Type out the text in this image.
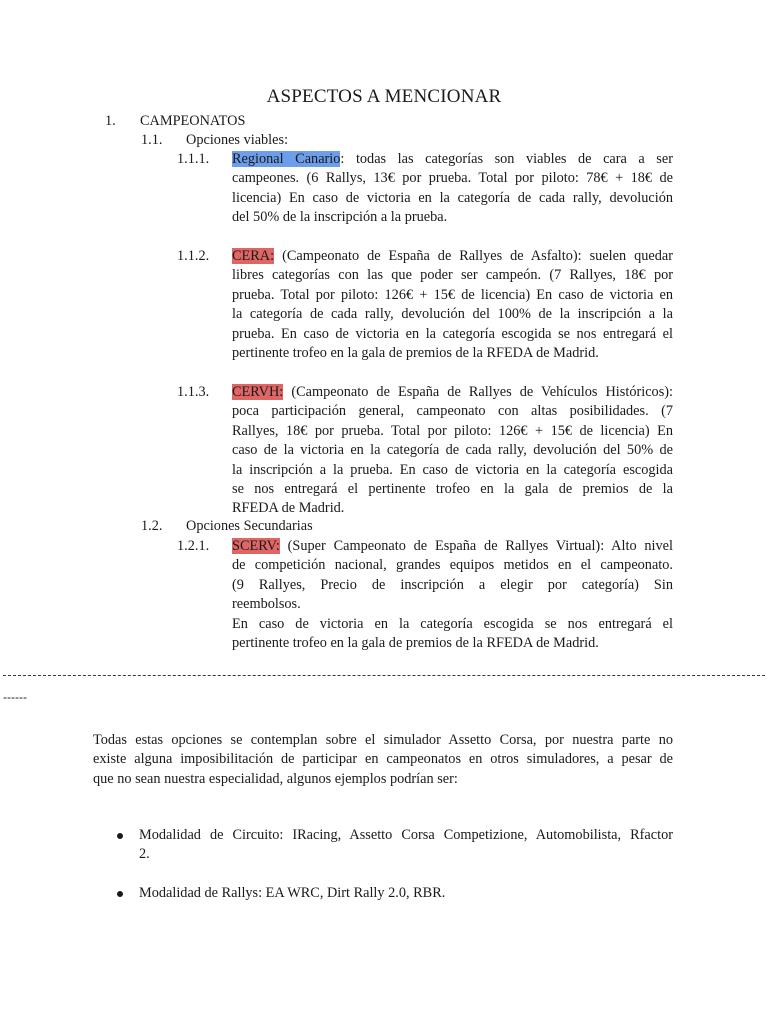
ASPECTOS A MENCIONAR
1. CAMPEONATOS
1.1. Opciones viables:
1.1.1. Regional Canario: todas las categorías son viables de cara a ser
campeones. (6 Rallys, 13€ por prueba. Total por piloto: 78€ + 18€ de
licencia) En caso de victoria en la categoría de cada rally, devolución
del 50% de la inscripción a la prueba.
1.1.2. CERA: (Campeonato de España de Rallyes de Asfalto): suelen quedar
libres categorías con las que poder ser campeón. (7 Rallyes, 18€ por
prueba. Total por piloto: 126€ + 15€ de licencia) En caso de victoria en
la categoría de cada rally, devolución del 100% de la inscripción a la
prueba. En caso de victoria en la categoría escogida se nos entregará el
pertinente trofeo en la gala de premios de la RFEDA de Madrid.
1.1.3. CERVH: (Campeonato de España de Rallyes de Vehículos Históricos):
poca participación general, campeonato con altas posibilidades. (7
Rallyes, 18€ por prueba. Total por piloto: 126€ + 15€ de licencia) En
caso de la victoria en la categoría de cada rally, devolución del 50% de
la inscripción a la prueba. En caso de victoria en la categoría escogida
se nos entregará el pertinente trofeo en la gala de premios de la
RFEDA de Madrid.
1.2. Opciones Secundarias
1.2.1. SCERV: (Super Campeonato de España de Rallyes Virtual): Alto nivel
de competición nacional, grandes equipos metidos en el campeonato.
(9 Rallyes, Precio de inscripción a elegir por categoría) Sin
reembolsos.
En caso de victoria en la categoría escogida se nos entregará el
pertinente trofeo en la gala de premios de la RFEDA de Madrid.
------
Todas estas opciones se contemplan sobre el simulador Assetto Corsa, por nuestra parte no
existe alguna imposibilitación de participar en campeonatos en otros simuladores, a pesar de
que no sean nuestra especialidad, algunos ejemplos podrían ser:
Modalidad de Circuito: IRacing, Assetto Corsa Competizione, Automobilista, Rfactor
2.
Modalidad de Rallys: EA WRC, Dirt Rally 2.0, RBR.
